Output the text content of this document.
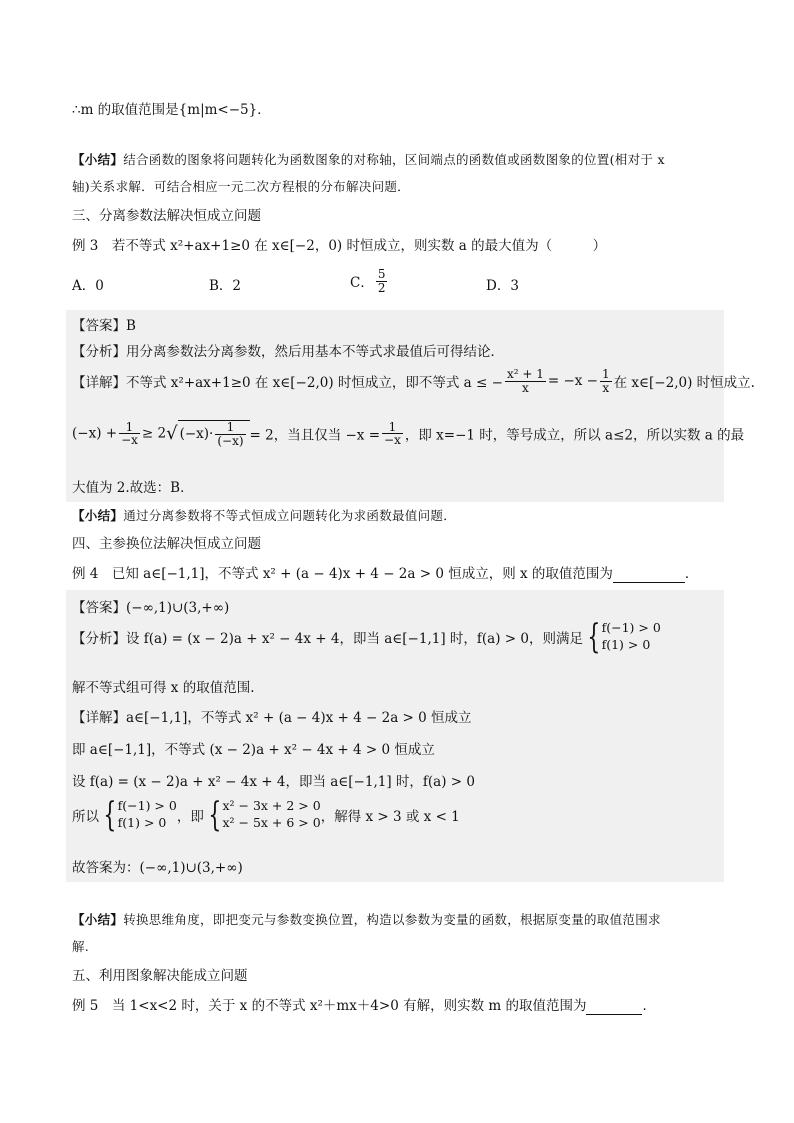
∴m 的取值范围是{m|m<−5}．
【小结】结合函数的图象将问题转化为函数图象的对称轴，区间端点的函数值或函数图象的位置(相对于 x
轴)关系求解．可结合相应一元二次方程根的分布解决问题．
三、分离参数法解决恒成立问题
例 3　若不等式 x²+ax+1≥0 在 x∈[−2，0) 时恒成立，则实数 a 的最大值为（　　　）
A．0	B．2	C． $\frac{5}{2}$	D．3
【答案】B
【分析】用分离参数法分离参数，然后用基本不等式求最值后可得结论．
【详解】不等式 x²+ax+1≥0 在 x∈[−2,0) 时恒成立，即不等式 a ≤ − $\frac{\text{x² + 1}}{x} = -x - \frac{1}{x}$ 在 x∈[−2,0) 时恒成立.
$(-x) + \frac{1}{-x} \ge 2√$ $(-x)\cdot \frac{1}{(-x)} = 2$，当且仅当 $-x = \frac{1}{-x}$ ，即 x=−1 时，等号成立，所以 a≤2，所以实数 a 的最
大值为 2.故选：B．
【小结】通过分离参数将不等式恒成立问题转化为求函数最值问题．
四、主参换位法解决恒成立问题
例 4　已知 a∈[−1,1]，不等式 x² + (a − 4)x + 4 − 2a > 0 恒成立，则 x 的取值范围为	．
【答案】(−∞,1)∪(3,+∞)
【分析】设 f(a) = (x − 2)a + x² − 4x + 4，即当 a∈[−1,1] 时，f(a) > 0，则满足 { f(−1) > 0
f(1) > 0
解不等式组可得 x 的取值范围.
【详解】a∈[−1,1]，不等式 x² + (a − 4)x + 4 − 2a > 0 恒成立
即 a∈[−1,1]，不等式 (x − 2)a + x² − 4x + 4 > 0 恒成立
设 f(a) = (x − 2)a + x² − 4x + 4，即当 a∈[−1,1] 时，f(a) > 0
所以 { f(−1) > 0
f(1) > 0 ，即 { x² − 3x + 2 > 0
x² − 5x + 6 > 0 ，解得 x > 3 或 x < 1
故答案为：(−∞,1)∪(3,+∞)
【小结】转换思维角度，即把变元与参数变换位置，构造以参数为变量的函数，根据原变量的取值范围求
解.
五、利用图象解决能成立问题
例 5　当 1<x<2 时，关于 x 的不等式 x²＋mx＋4>0 有解，则实数 m 的取值范围为	．
